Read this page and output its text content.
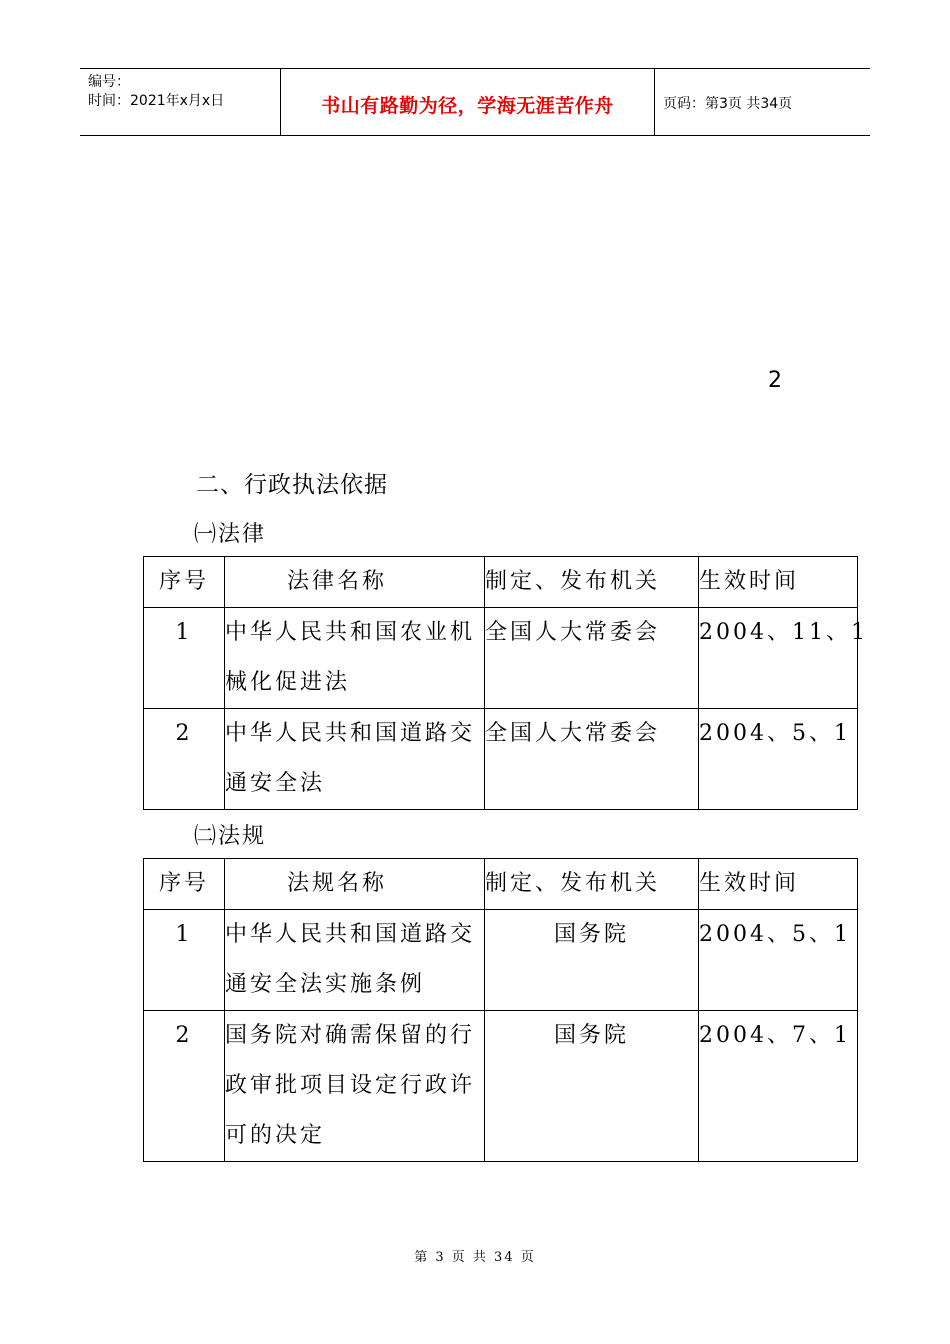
编号：
时间：2021年x月x日	书山有路勤为径，学海无涯苦作舟	页码：第3页 共34页
2
二、行政执法依据
㈠法律
序号	法律名称	制定、发布机关	生效时间
1	中华人民共和国农业机械化促进法	全国人大常委会	2004、11、1
2	中华人民共和国道路交通安全法	全国人大常委会	2004、5、1
㈡法规
序号	法规名称	制定、发布机关	生效时间
1	中华人民共和国道路交通安全法实施条例	国务院	2004、5、1
2	国务院对确需保留的行政审批项目设定行政许可的决定	国务院	2004、7、1
第 3 页 共 34 页
